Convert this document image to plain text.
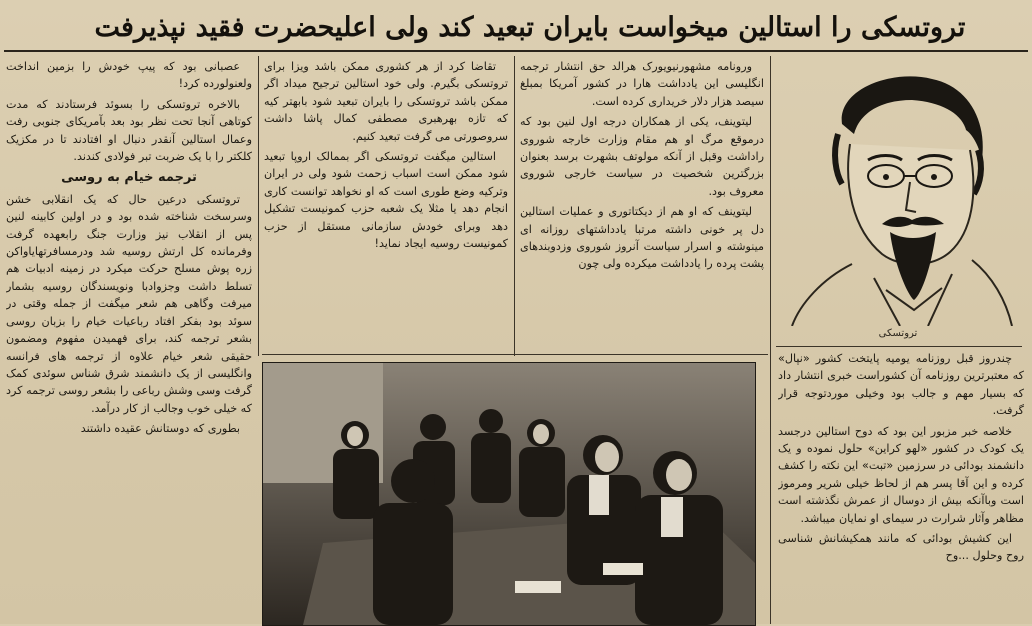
تروتسکی را استالین میخواست بایران تبعید کند ولی اعلیحضرت فقید نپذیرفت

ورونامه مشهورنیویورک هرالد حق انتشار ترجمه انگلیسی این یادداشت هارا در کشور آمریکا بمبلغ سیصد هزار دلار خریداری کرده است.

لیتوینف، یکی از همکاران درجه اول لنین بود که درموقع مرگ او هم مقام وزارت خارجه شوروی راداشت وقبل از آنکه مولوتف بشهرت برسد بعنوان بزرگترین شخصیت در سیاست خارجی شوروی معروف بود.

لیتوینف که او هم از دیکتاتوری و عملیات استالین دل پر خونی داشته مرتبا یادداشتهای روزانه ای مینوشته و اسرار سیاست آنروز شوروی وزدوبندهای پشت پرده را یادداشت میکرده ولی چون

تقاضا کرد از هر کشوری ممکن باشد ویزا برای تروتسکی بگیرم. ولی خود استالین ترجیح میداد اگر ممکن باشد تروتسکی را بایران تبعید شود بابهتر کیه که تازه بهرهبری مصطفی کمال پاشا داشت سروصورتی می گرفت تبعید کنیم.

استالین میگفت تروتسکی اگر بممالک اروپا تبعید شود ممکن است اسباب زحمت شود ولی در ایران وترکیه وضع طوری است که او نخواهد توانست کاری انجام دهد یا مثلا یک شعبه حزب کمونیست تشکیل دهد وبرای خودش سازمانی مستقل از حزب کمونیست روسیه ایجاد نماید!

عصبانی بود که پیپ خودش را بزمین انداخت ولعنولورده کرد!

بالاخره تروتسکی را بسوئد فرستادند که مدت کوتاهی آنجا تحت نظر بود بعد بآمریکای جنوبی رفت وعمال استالین آنقدر دنبال او افتادند تا در مکزیک کلکتر را با یک ضربت تبر فولادی کندند.

ترجمه خیام به روسی

تروتسکی درعین حال که یک انقلابی خشن وسرسخت شناخته شده بود و در اولین کابینه لنین پس از انقلاب نیز وزارت جنگ رابعهده گرفت وفرمانده کل ارتش روسیه شد ودرمسافرتهایاواکن زره پوش مسلح حرکت میکرد در زمینه ادبیات هم تسلط داشت وجزوادبا ونویسندگان روسیه بشمار میرفت وگاهی هم شعر میگفت از جمله وقتی در سوئد بود بفکر افتاد رباعیات خیام را بزبان روسی بشعر ترجمه کند، برای فهمیدن مفهوم ومضمون حقیقی شعر خیام علاوه از ترجمه های فرانسه وانگلیسی از یک دانشمند شرق شناس سوئدی کمک گرفت وسی وشش رباعی را بشعر روسی ترجمه کرد که خیلی خوب وجالب از کار درآمد.

بطوری که دوستانش عقیده داشتند

تروتسکی

چندروز قبل روزنامه یومیه پایتخت کشور «نپال» که معتبرترین روزنامه آن کشوراست خبری انتشار داد که بسیار مهم و جالب بود وخیلی موردتوجه قرار گرفت.

خلاصه خبر مزبور این بود که دوح استالین درجسد یک کودک در کشور «لهو کراین» حلول نموده و یک دانشمند بودائی در سرزمین «تبت» این نکته را کشف کرده و این آقا پسر هم از لحاظ خیلی شریر ومرموز است وباآنکه بیش از دوسال از عمرش نگذشته است مظاهر وآثار شرارت در سیمای او نمایان میباشد.

این کشیش بودائی که مانند همکیشانش شناسی روح وحلول ...وح
